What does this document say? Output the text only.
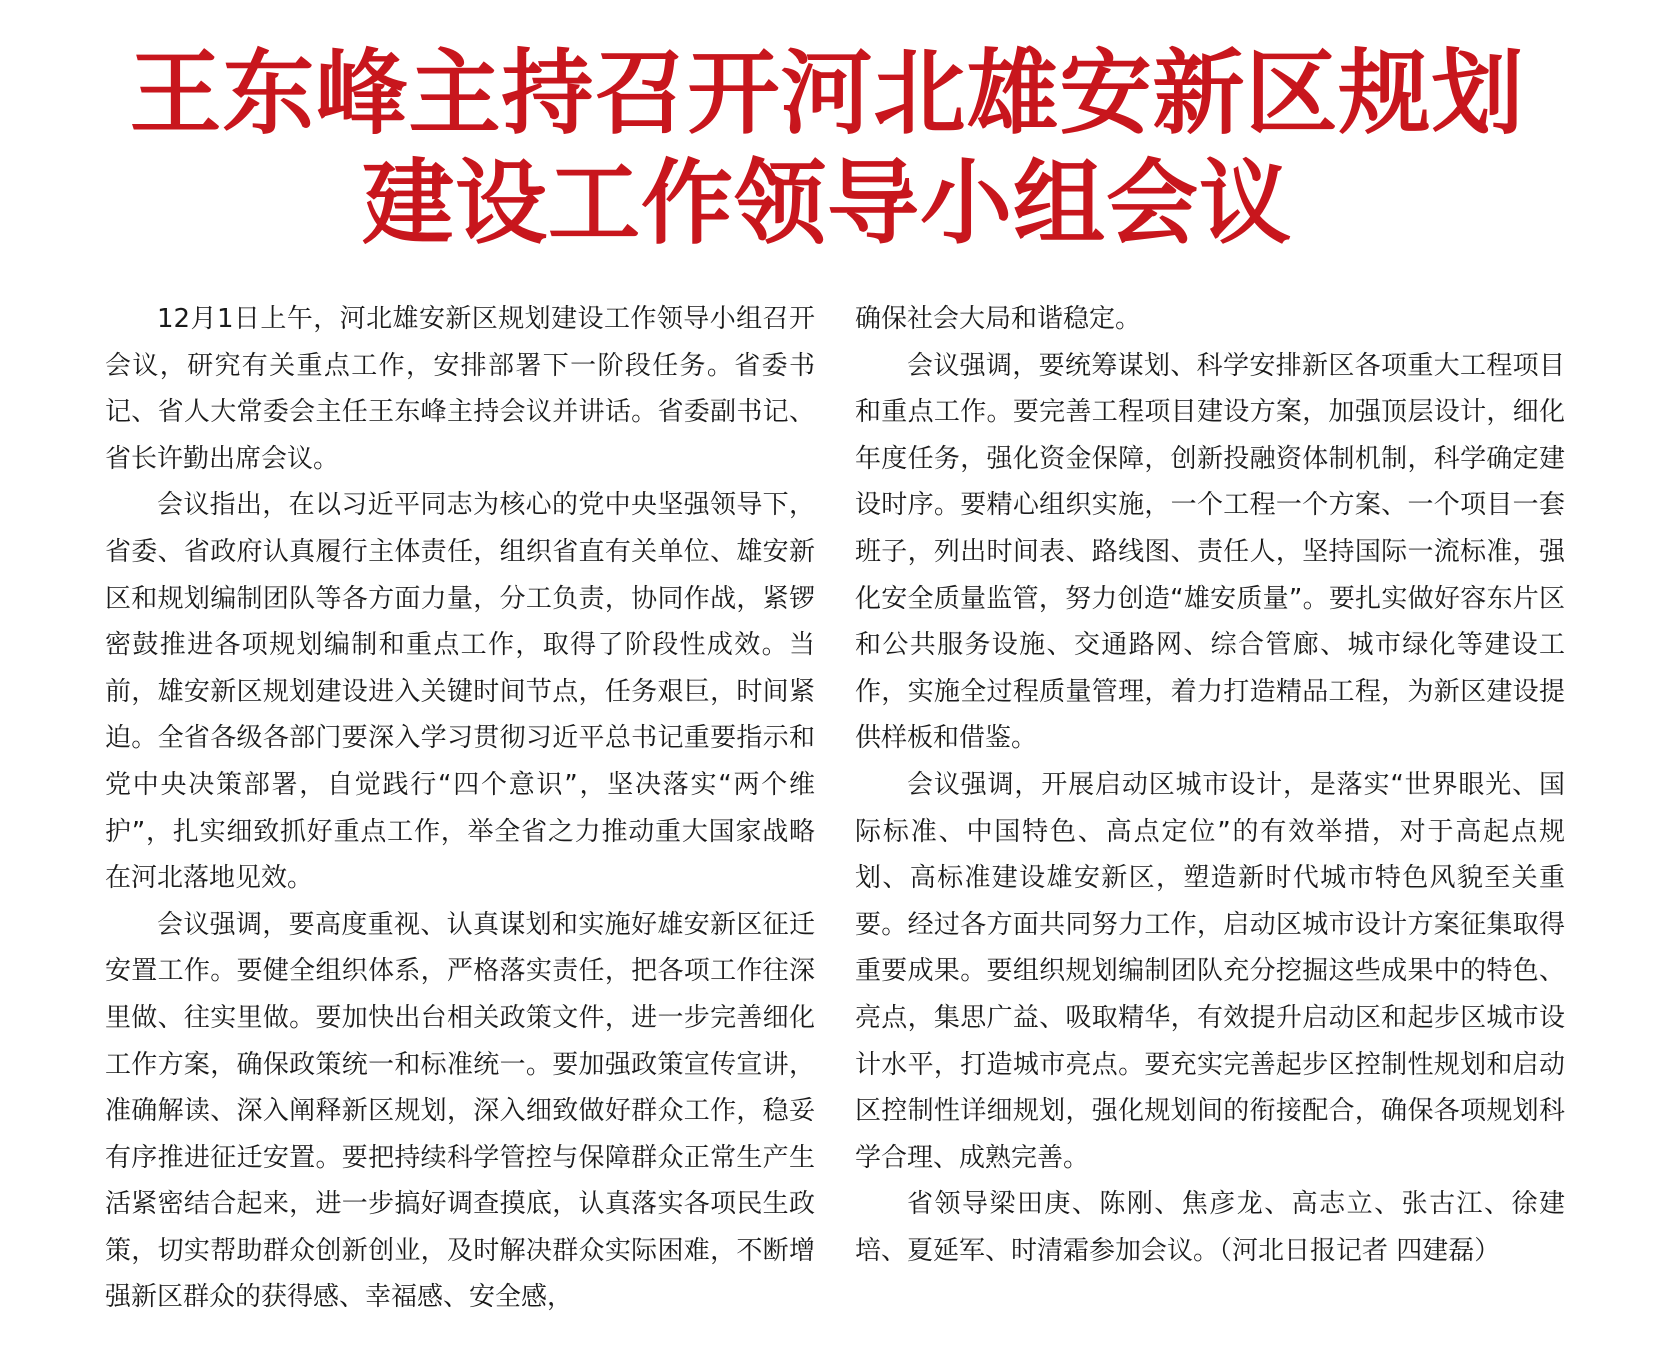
王东峰主持召开河北雄安新区规划
建设工作领导小组会议

12月1日上午，河北雄安新区规划建设工作领导小组召开会议，研究有关重点工作，安排部署下一阶段任务。省委书记、省人大常委会主任王东峰主持会议并讲话。省委副书记、省长许勤出席会议。

会议指出，在以习近平同志为核心的党中央坚强领导下，省委、省政府认真履行主体责任，组织省直有关单位、雄安新区和规划编制团队等各方面力量，分工负责，协同作战，紧锣密鼓推进各项规划编制和重点工作，取得了阶段性成效。当前，雄安新区规划建设进入关键时间节点，任务艰巨，时间紧迫。全省各级各部门要深入学习贯彻习近平总书记重要指示和党中央决策部署，自觉践行“四个意识”，坚决落实“两个维护”，扎实细致抓好重点工作，举全省之力推动重大国家战略在河北落地见效。

会议强调，要高度重视、认真谋划和实施好雄安新区征迁安置工作。要健全组织体系，严格落实责任，把各项工作往深里做、往实里做。要加快出台相关政策文件，进一步完善细化工作方案，确保政策统一和标准统一。要加强政策宣传宣讲，准确解读、深入阐释新区规划，深入细致做好群众工作，稳妥有序推进征迁安置。要把持续科学管控与保障群众正常生产生活紧密结合起来，进一步搞好调查摸底，认真落实各项民生政策，切实帮助群众创新创业，及时解决群众实际困难，不断增强新区群众的获得感、幸福感、安全感，

确保社会大局和谐稳定。

会议强调，要统筹谋划、科学安排新区各项重大工程项目和重点工作。要完善工程项目建设方案，加强顶层设计，细化年度任务，强化资金保障，创新投融资体制机制，科学确定建设时序。要精心组织实施，一个工程一个方案、一个项目一套班子，列出时间表、路线图、责任人，坚持国际一流标准，强化安全质量监管，努力创造“雄安质量”。要扎实做好容东片区和公共服务设施、交通路网、综合管廊、城市绿化等建设工作，实施全过程质量管理，着力打造精品工程，为新区建设提供样板和借鉴。

会议强调，开展启动区城市设计，是落实“世界眼光、国际标准、中国特色、高点定位”的有效举措，对于高起点规划、高标准建设雄安新区，塑造新时代城市特色风貌至关重要。经过各方面共同努力工作，启动区城市设计方案征集取得重要成果。要组织规划编制团队充分挖掘这些成果中的特色、亮点，集思广益、吸取精华，有效提升启动区和起步区城市设计水平，打造城市亮点。要充实完善起步区控制性规划和启动区控制性详细规划，强化规划间的衔接配合，确保各项规划科学合理、成熟完善。

省领导梁田庚、陈刚、焦彦龙、高志立、张古江、徐建培、夏延军、时清霜参加会议。（河北日报记者 四建磊）
